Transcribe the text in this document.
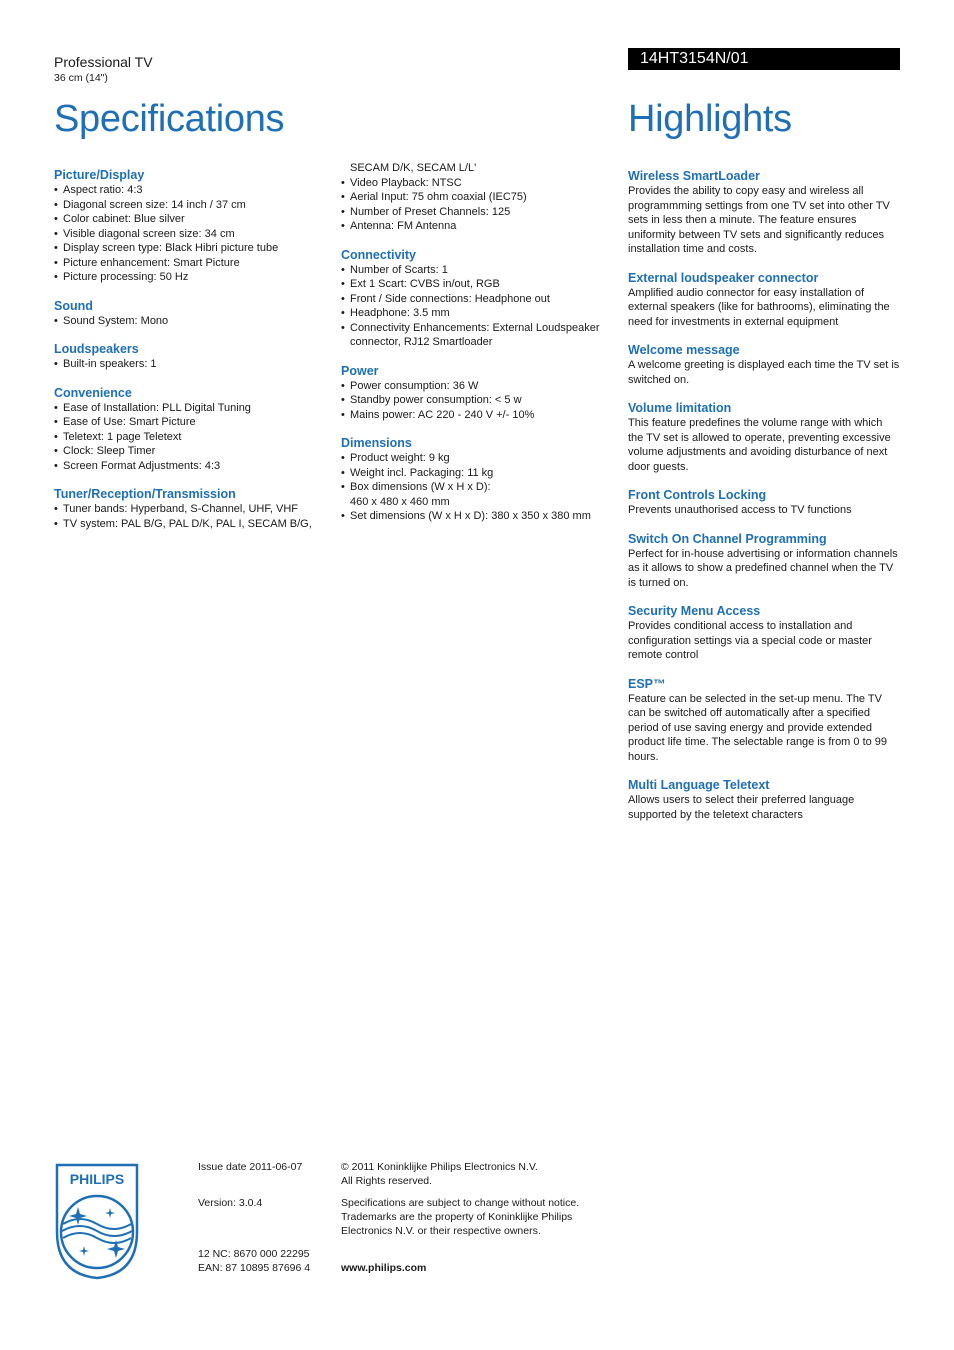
Professional TV
36 cm (14")
Specifications
14HT3154N/01
Highlights
Picture/Display
• Aspect ratio: 4:3
• Diagonal screen size: 14 inch / 37 cm
• Color cabinet: Blue silver
• Visible diagonal screen size: 34 cm
• Display screen type: Black Hibri picture tube
• Picture enhancement: Smart Picture
• Picture processing: 50 Hz
Sound
• Sound System: Mono
Loudspeakers
• Built-in speakers: 1
Convenience
• Ease of Installation: PLL Digital Tuning
• Ease of Use: Smart Picture
• Teletext: 1 page Teletext
• Clock: Sleep Timer
• Screen Format Adjustments: 4:3
Tuner/Reception/Transmission
• Tuner bands: Hyperband, S-Channel, UHF, VHF
• TV system: PAL B/G, PAL D/K, PAL I, SECAM B/G,
SECAM D/K, SECAM L/L'
• Video Playback: NTSC
• Aerial Input: 75 ohm coaxial (IEC75)
• Number of Preset Channels: 125
• Antenna: FM Antenna
Connectivity
• Number of Scarts: 1
• Ext 1 Scart: CVBS in/out, RGB
• Front / Side connections: Headphone out
• Headphone: 3.5 mm
• Connectivity Enhancements: External Loudspeaker connector, RJ12 Smartloader
Power
• Power consumption: 36 W
• Standby power consumption: < 5 w
• Mains power: AC 220 - 240 V +/- 10%
Dimensions
• Product weight: 9 kg
• Weight incl. Packaging: 11 kg
• Box dimensions (W x H x D):
460 x 480 x 460 mm
• Set dimensions (W x H x D): 380 x 350 x 380 mm
Wireless SmartLoader

Provides the ability to copy easy and wireless all programmming settings from one TV set into other TV sets in less then a minute. The feature ensures uniformity between TV sets and significantly reduces installation time and costs.

External loudspeaker connector

Amplified audio connector for easy installation of external speakers (like for bathrooms), eliminating the need for investments in external equipment

Welcome message

A welcome greeting is displayed each time the TV set is switched on.

Volume limitation

This feature predefines the volume range with which the TV set is allowed to operate, preventing excessive volume adjustments and avoiding disturbance of next door guests.

Front Controls Locking

Prevents unauthorised access to TV functions

Switch On Channel Programming

Perfect for in-house advertising or information channels as it allows to show a predefined channel when the TV is turned on.

Security Menu Access

Provides conditional access to installation and configuration settings via a special code or master remote control

ESP™

Feature can be selected in the set-up menu. The TV can be switched off automatically after a specified period of use saving energy and provide extended product life time. The selectable range is from 0 to 99 hours.

Multi Language Teletext

Allows users to select their preferred language supported by the teletext characters

PHILIPS
Issue date 2011-06-07
Version: 3.0.4
12 NC: 8670 000 22295
EAN: 87 10895 87696 4
© 2011 Koninklijke Philips Electronics N.V.
All Rights reserved.
Specifications are subject to change without notice.
Trademarks are the property of Koninklijke Philips
Electronics N.V. or their respective owners.
www.philips.com
